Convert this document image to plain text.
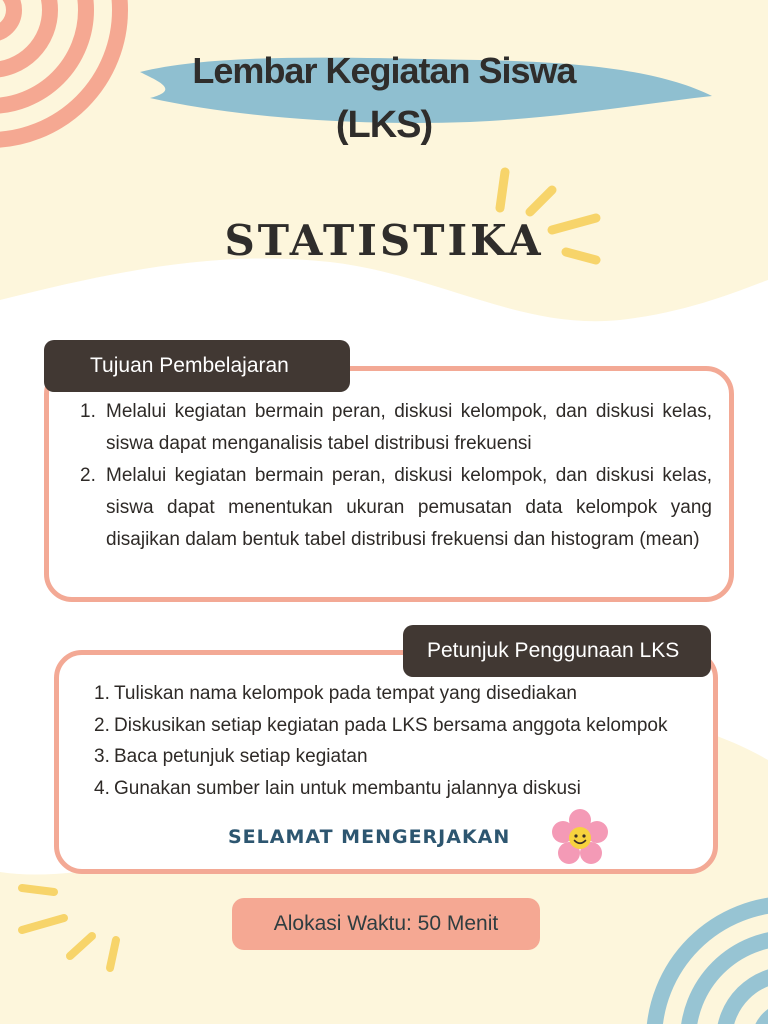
Lembar Kegiatan Siswa
(LKS)
STATISTIKA
Tujuan Pembelajaran
1. Melalui kegiatan bermain peran, diskusi kelompok, dan diskusi kelas, siswa dapat menganalisis tabel distribusi frekuensi
2. Melalui kegiatan bermain peran, diskusi kelompok, dan diskusi kelas, siswa dapat menentukan ukuran pemusatan data kelompok yang disajikan dalam bentuk tabel distribusi frekuensi dan histogram (mean)
Petunjuk Penggunaan LKS
1. Tuliskan nama kelompok pada tempat yang disediakan
2. Diskusikan setiap kegiatan pada LKS bersama anggota kelompok
3. Baca petunjuk setiap kegiatan
4. Gunakan sumber lain untuk membantu jalannya diskusi
SELAMAT MENGERJAKAN
Alokasi Waktu: 50 Menit
